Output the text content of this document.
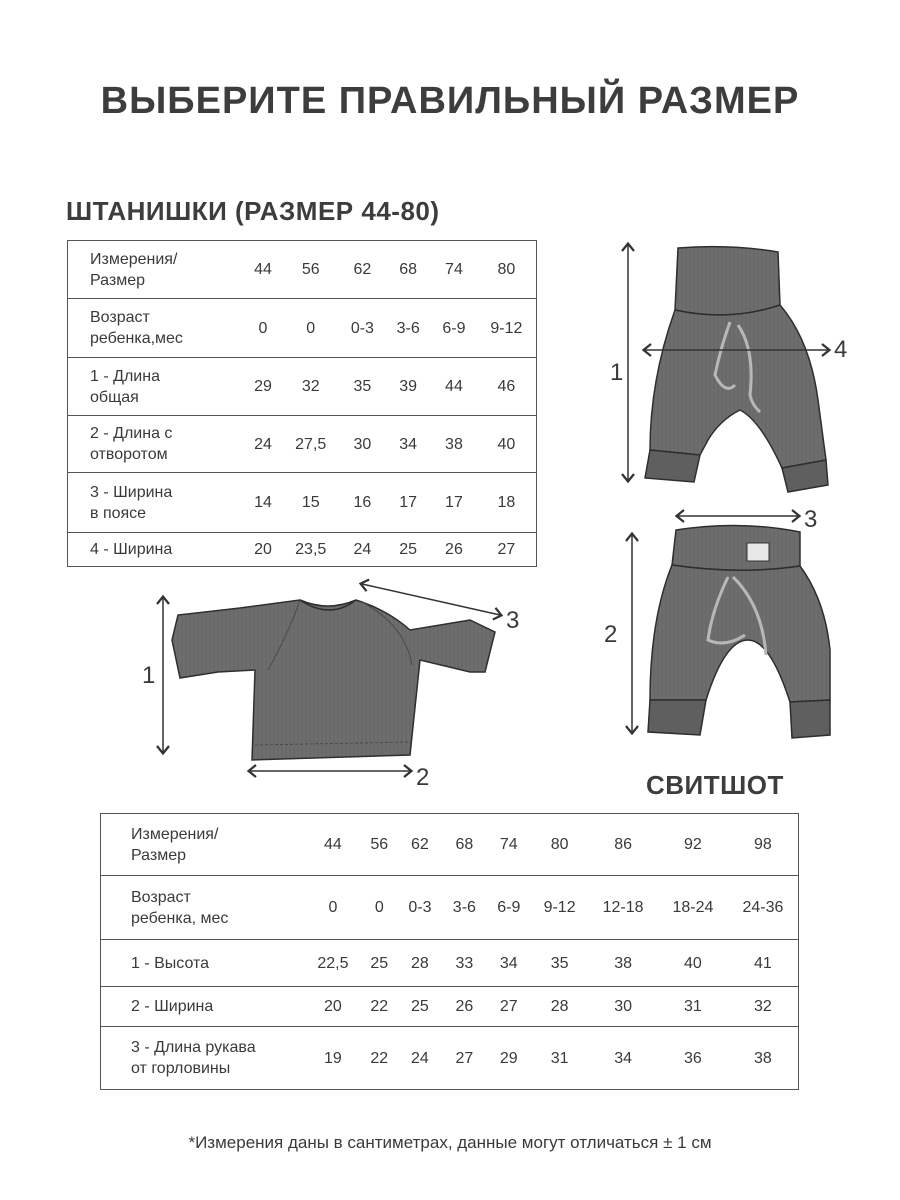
ВЫБЕРИТЕ ПРАВИЛЬНЫЙ РАЗМЕР
ШТАНИШКИ (РАЗМЕР 44-80)
СВИТШОТ
Измерения/
Размер	44	56	62	68	74	80

Возраст
ребенка,мес	0	0	0-3	3-6	6-9	9-12

1 - Длина
общая	29	32	35	39	44	46

2 - Длина с
отворотом	24	27,5	30	34	38	40

3 - Ширина
в поясе	14	15	16	17	17	18

4 - Ширина	20	23,5	24	25	26	27
Измерения/
Размер	44	56	62	68	74	80	86	92	98

Возраст
ребенка, мес	0	0	0-3	3-6	6-9	9-12	12-18	18-24	24-36

1 - Высота	22,5	25	28	33	34	35	38	40	41

2 - Ширина	20	22	25	26	27	28	30	31	32

3 - Длина рукава
от горловины	19	22	24	27	29	31	34	36	38
1
4
3
2
1
2
3
*Измерения даны в сантиметрах, данные могут отличаться ± 1 см
